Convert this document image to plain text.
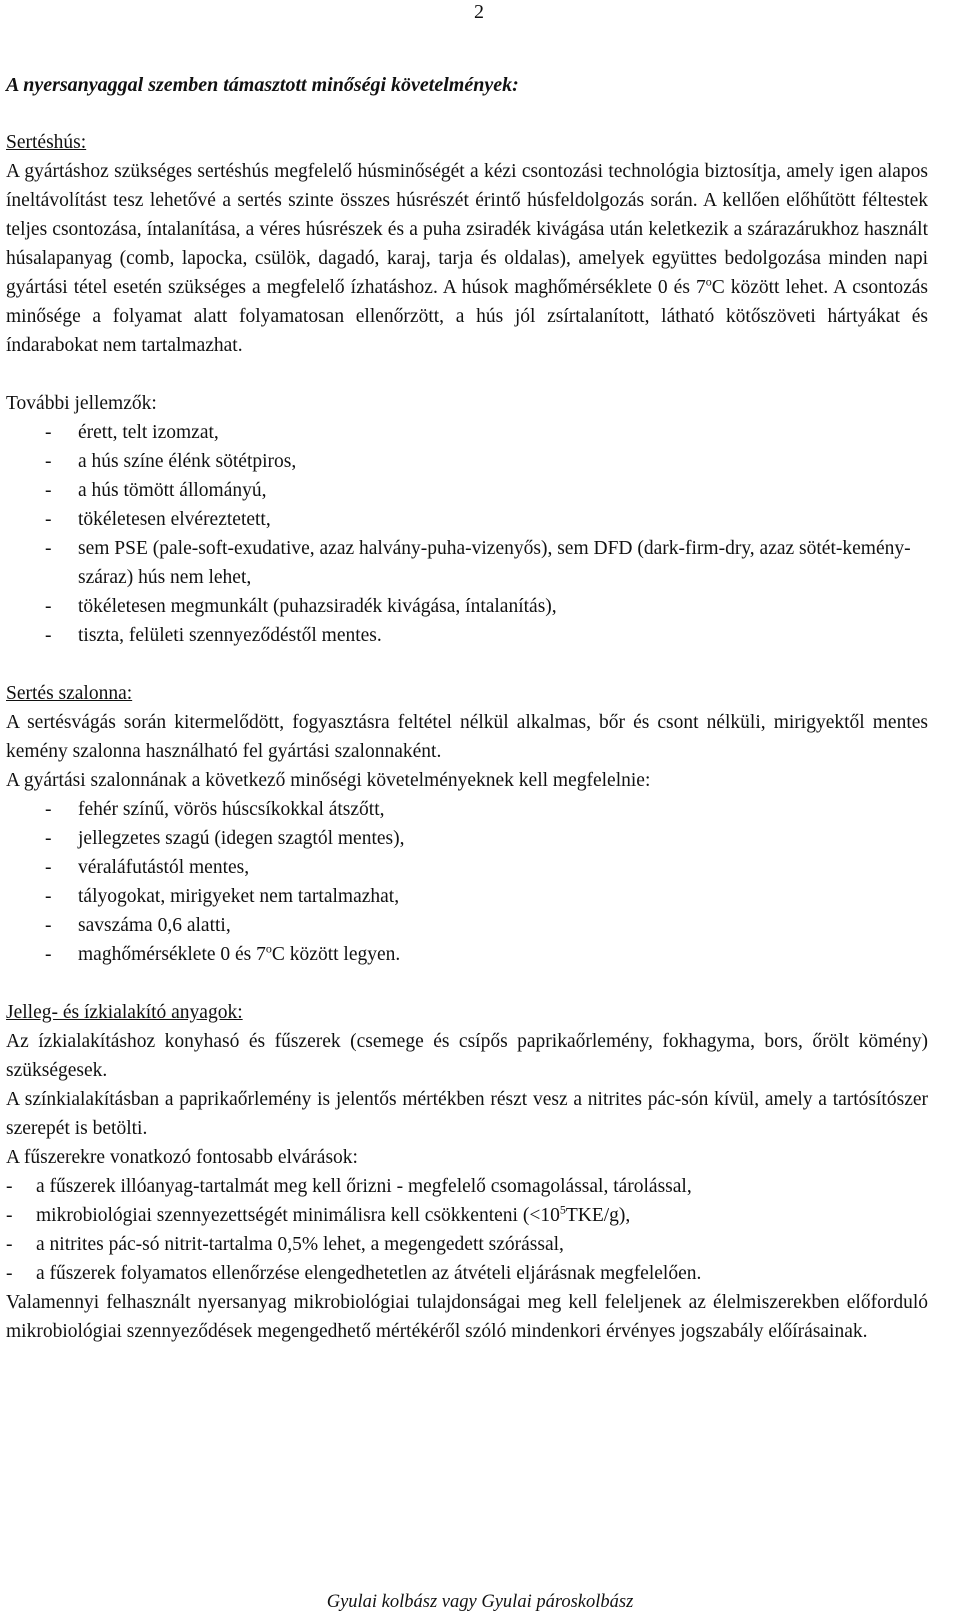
2

A nyersanyaggal szemben támasztott minőségi követelmények:

Sertéshús:

A gyártáshoz szükséges sertéshús megfelelő húsminőségét a kézi csontozási technológia biztosítja, amely igen alapos íneltávolítást tesz lehetővé a sertés szinte összes húsrészét érintő húsfeldolgozás során. A kellően előhűtött féltestek teljes csontozása, íntalanítása, a véres húsrészek és a puha zsiradék kivágása után keletkezik a szárazárukhoz használt húsalapanyag (comb, lapocka, csülök, dagadó, karaj, tarja és oldalas), amelyek együttes bedolgozása minden napi gyártási tétel esetén szükséges a megfelelő ízhatáshoz. A húsok maghőmérséklete 0 és 7$^o$C között lehet. A csontozás minősége a folyamat alatt folyamatosan ellenőrzött, a hús jól zsírtalanított, látható kötőszöveti hártyákat és índarabokat nem tartalmazhat.

További jellemzők:

- érett, telt izomzat,
- a hús színe élénk sötétpiros,
- a hús tömött állományú,
- tökéletesen elvéreztetett,
- sem PSE (pale-soft-exudative, azaz halvány-puha-vizenyős), sem DFD (dark-firm-dry, azaz sötét-kemény-száraz) hús nem lehet,
- tökéletesen megmunkált (puhazsiradék kivágása, íntalanítás),
- tiszta, felületi szennyeződéstől mentes.

Sertés szalonna:

A sertésvágás során kitermelődött, fogyasztásra feltétel nélkül alkalmas, bőr és csont nélküli, mirigyektől mentes kemény szalonna használható fel gyártási szalonnaként.

A gyártási szalonnának a következő minőségi követelményeknek kell megfelelnie:

- fehér színű, vörös húscsíkokkal átszőtt,
- jellegzetes szagú (idegen szagtól mentes),
- véraláfutástól mentes,
- tályogokat, mirigyeket nem tartalmazhat,
- savszáma 0,6 alatti,
- maghőmérséklete 0 és 7$^o$C között legyen.

Jelleg- és ízkialakító anyagok:

Az ízkialakításhoz konyhasó és fűszerek (csemege és csípős paprikaőrlemény, fokhagyma, bors, őrölt kömény) szükségesek.

A színkialakításban a paprikaőrlemény is jelentős mértékben részt vesz a nitrites pác-són kívül, amely a tartósítószer szerepét is betölti.

A fűszerekre vonatkozó fontosabb elvárások:

- a fűszerek illóanyag-tartalmát meg kell őrizni - megfelelő csomagolással, tárolással,
- mikrobiológiai szennyezettségét minimálisra kell csökkenteni $(<10^5TKE/g)$,
- a nitrites pác-só nitrit-tartalma 0,5% lehet, a megengedett szórással,
- a fűszerek folyamatos ellenőrzése elengedhetetlen az átvételi eljárásnak megfelelően.

Valamennyi felhasznált nyersanyag mikrobiológiai tulajdonságai meg kell feleljenek az élelmiszerekben előforduló mikrobiológiai szennyeződések megengedhető mértékéről szóló mindenkori érvényes jogszabály előírásainak.

Gyulai kolbász vagy Gyulai pároskolbász
